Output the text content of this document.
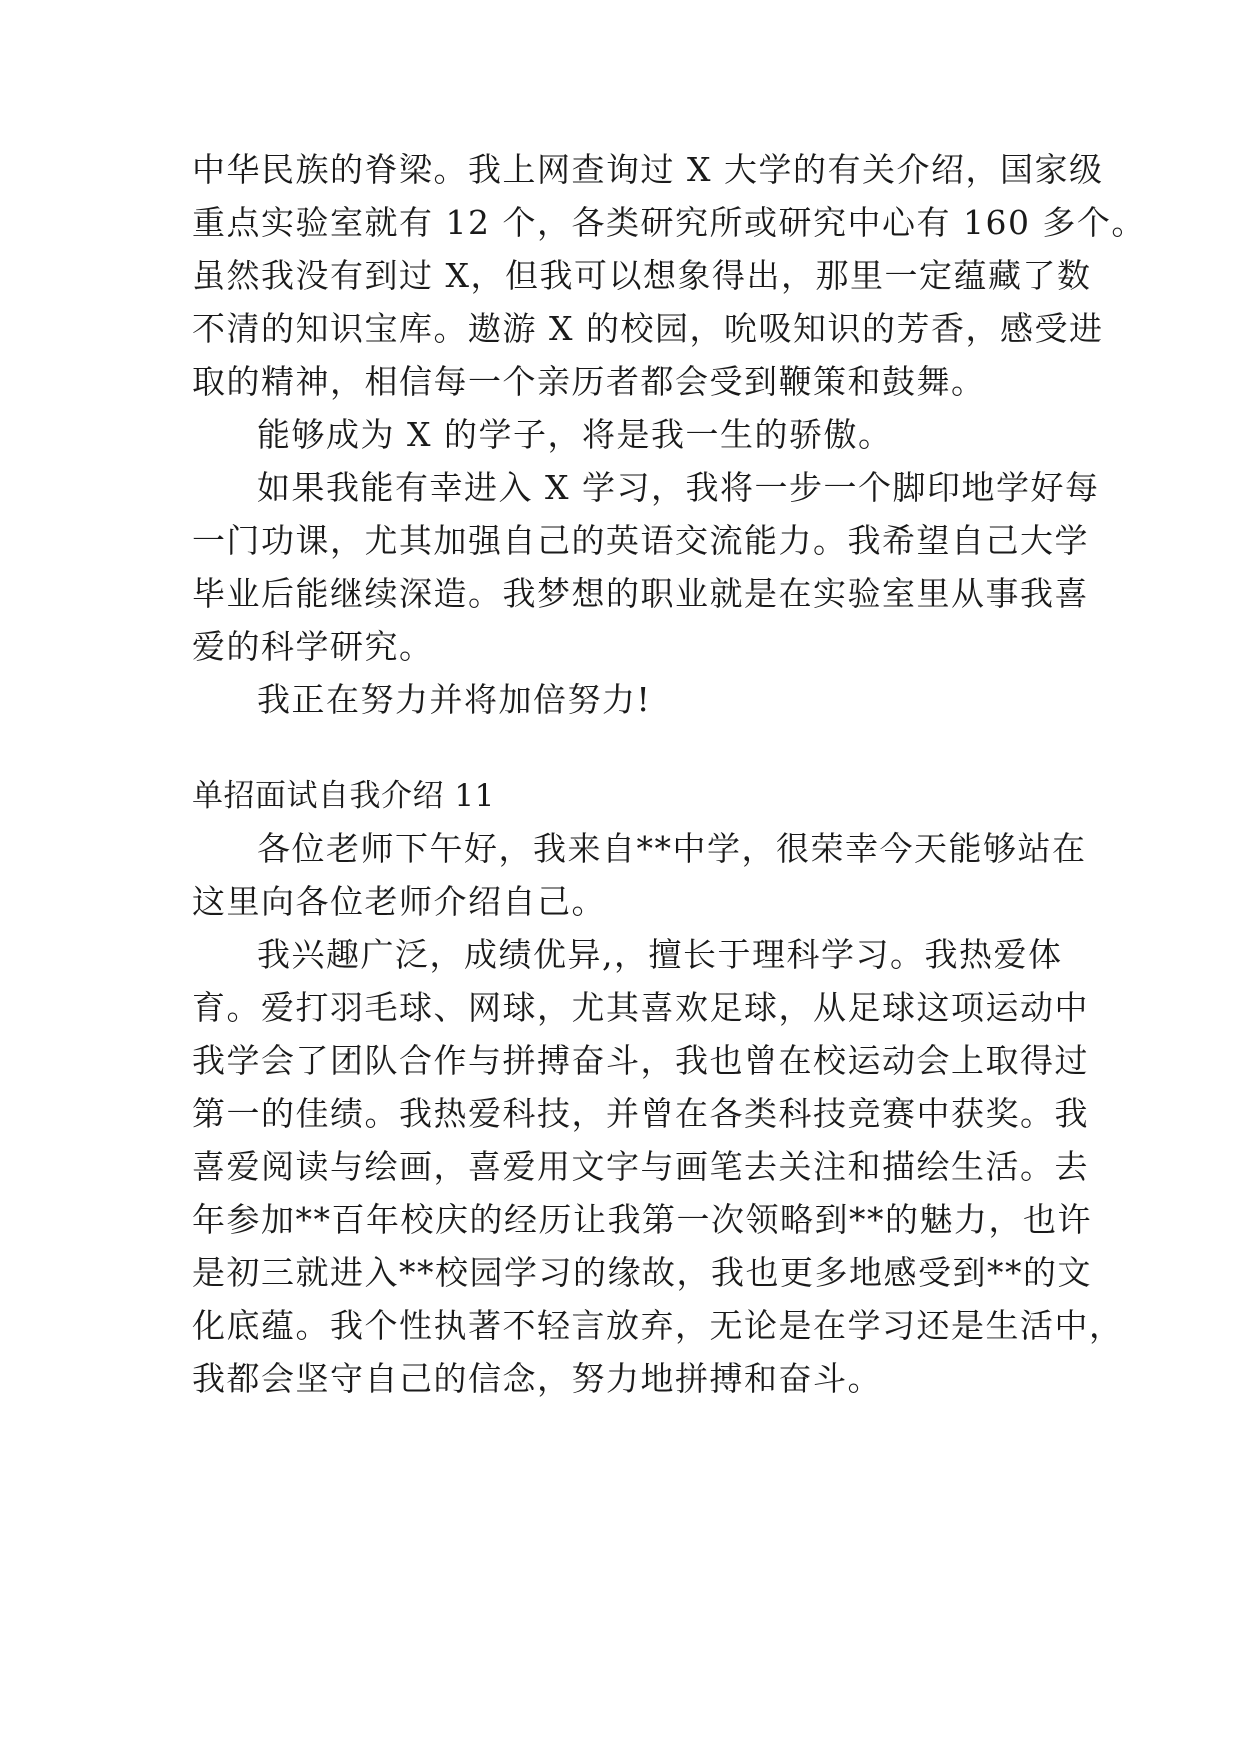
中华民族的脊梁。我上网查询过 X 大学的有关介绍，国家级
重点实验室就有 12 个，各类研究所或研究中心有 160 多个。
虽然我没有到过 X，但我可以想象得出，那里一定蕴藏了数
不清的知识宝库。遨游 X 的校园，吮吸知识的芳香，感受进
取的精神，相信每一个亲历者都会受到鞭策和鼓舞。
能够成为 X 的学子，将是我一生的骄傲。
如果我能有幸进入 X 学习，我将一步一个脚印地学好每
一门功课，尤其加强自己的英语交流能力。我希望自己大学
毕业后能继续深造。我梦想的职业就是在实验室里从事我喜
爱的科学研究。
我正在努力并将加倍努力!
单招面试自我介绍 11
各位老师下午好，我来自**中学，很荣幸今天能够站在
这里向各位老师介绍自己。
我兴趣广泛，成绩优异,，擅长于理科学习。我热爱体
育。爱打羽毛球、网球，尤其喜欢足球，从足球这项运动中
我学会了团队合作与拼搏奋斗，我也曾在校运动会上取得过
第一的佳绩。我热爱科技，并曾在各类科技竞赛中获奖。我
喜爱阅读与绘画，喜爱用文字与画笔去关注和描绘生活。去
年参加**百年校庆的经历让我第一次领略到**的魅力，也许
是初三就进入**校园学习的缘故，我也更多地感受到**的文
化底蕴。我个性执著不轻言放弃，无论是在学习还是生活中，
我都会坚守自己的信念，努力地拼搏和奋斗。
